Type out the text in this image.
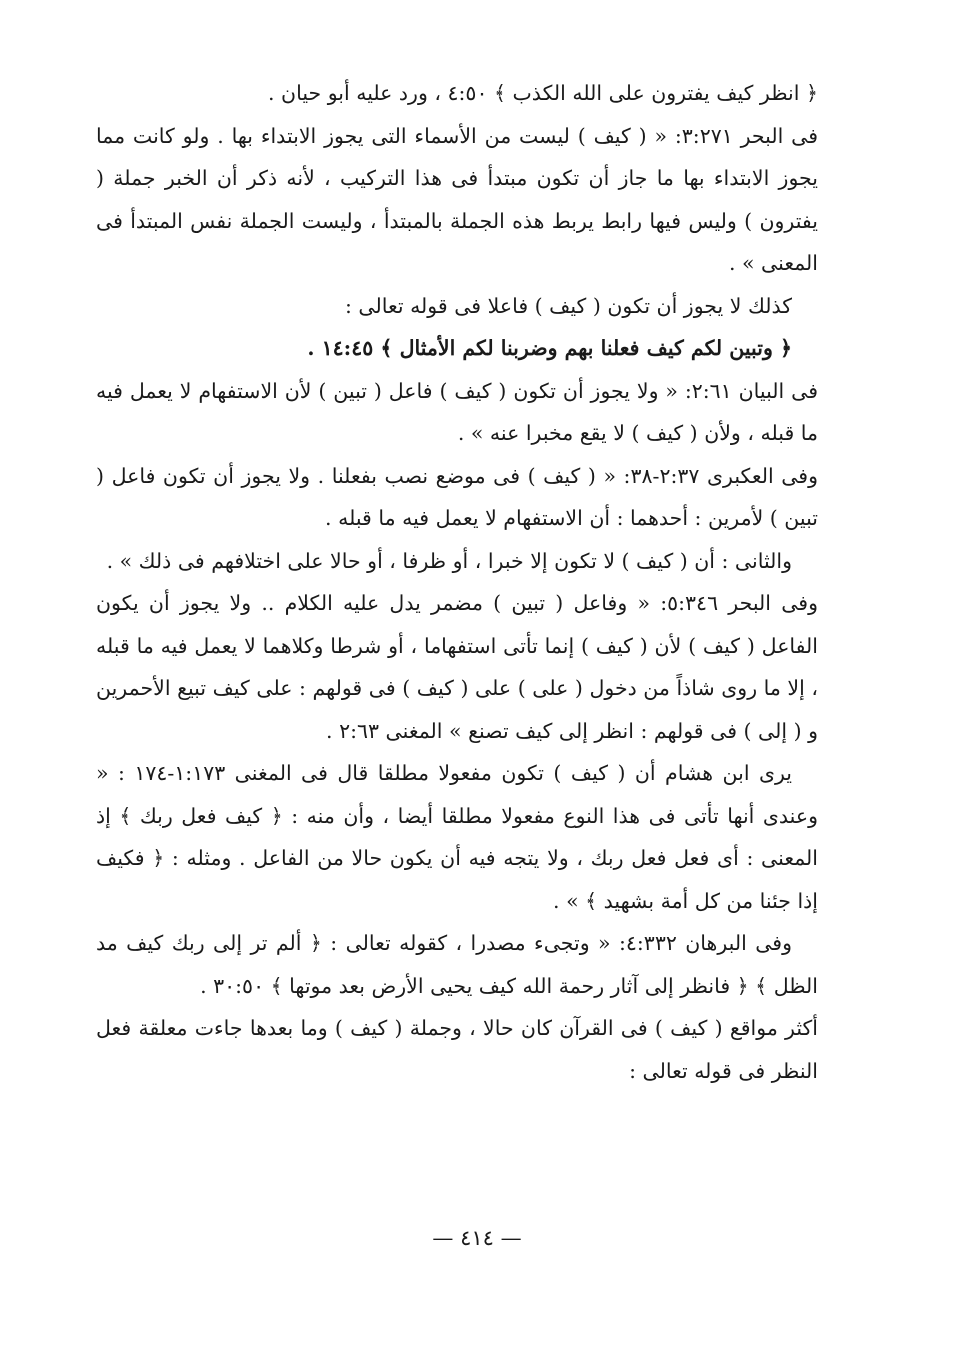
﴿ انظر كيف يفترون على الله الكذب ﴾ ٤:٥٠ ، ورد عليه أبو حيان .

فى البحر ٣:٢٧١: « ( كيف ) ليست من الأسماء التى يجوز الابتداء بها . ولو كانت مما يجوز الابتداء بها ما جاز أن تكون مبتدأ فى هذا التركيب ، لأنه ذكر أن الخبر جملة ( يفترون ) وليس فيها رابط يربط هذه الجملة بالمبتدأ ، وليست الجملة نفس المبتدأ فى المعنى » .

كذلك لا يجوز أن تكون ( كيف ) فاعلا فى قوله تعالى :

﴿ وتبين لكم كيف فعلنا بهم وضربنا لكم الأمثال ﴾ ١٤:٤٥ .

فى البيان ٢:٦١: « ولا يجوز أن تكون ( كيف ) فاعل ( تبين ) لأن الاستفهام لا يعمل فيه ما قبله ، ولأن ( كيف ) لا يقع مخبرا عنه » .

وفى العكبرى ٢:٣٧-٣٨: « ( كيف ) فى موضع نصب بفعلنا . ولا يجوز أن تكون فاعل ( تبين ) لأمرين : أحدهما : أن الاستفهام لا يعمل فيه ما قبله .

والثانى : أن ( كيف ) لا تكون إلا خبرا ، أو ظرفا ، أو حالا على اختلافهم فى ذلك » .

وفى البحر ٥:٣٤٦: « وفاعل ( تبين ) مضمر يدل عليه الكلام .. ولا يجوز أن يكون الفاعل ( كيف ) لأن ( كيف ) إنما تأتى استفهاما ، أو شرطا وكلاهما لا يعمل فيه ما قبله ، إلا ما روى شاذاً من دخول ( على ) على ( كيف ) فى قولهم : على كيف تبيع الأحمرين و ( إلى ) فى قولهم : انظر إلى كيف تصنع » المغنى ٢:٦٣ .

يرى ابن هشام أن ( كيف ) تكون مفعولا مطلقا قال فى المغنى ١:١٧٣-١٧٤ : « وعندى أنها تأتى فى هذا النوع مفعولا مطلقا أيضا ، وأن منه : ﴿ كيف فعل ربك ﴾ إذ المعنى : أى فعل فعل ربك ، ولا يتجه فيه أن يكون حالا من الفاعل . ومثله : ﴿ فكيف إذا جئنا من كل أمة بشهيد ﴾ » .

وفى البرهان ٤:٣٣٢: « وتجىء مصدرا ، كقوله تعالى : ﴿ ألم تر إلى ربك كيف مد الظل ﴾ ﴿ فانظر إلى آثار رحمة الله كيف يحيى الأرض بعد موتها ﴾ ٣٠:٥٠ .

أكثر مواقع ( كيف ) فى القرآن كان حالا ، وجملة ( كيف ) وما بعدها جاءت معلقة فعل النظر فى قوله تعالى :

— ٤١٤ —
